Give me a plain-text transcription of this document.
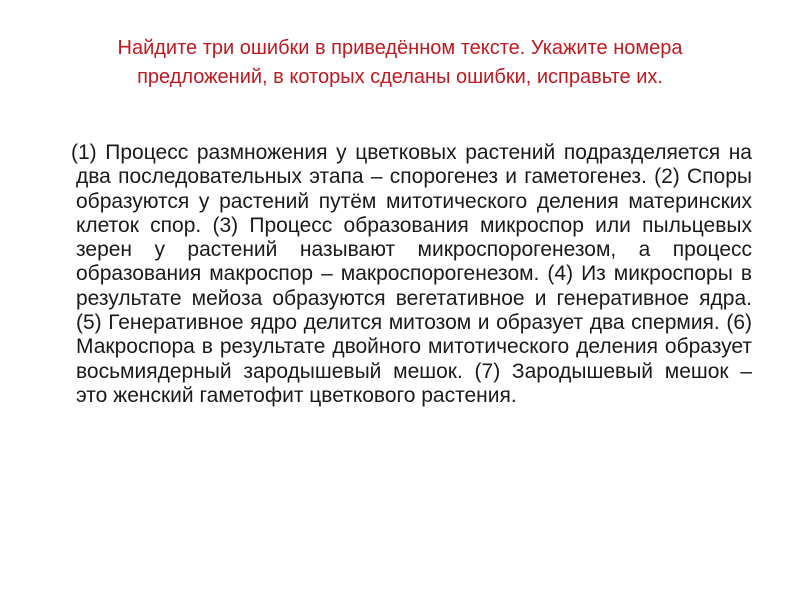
Найдите три ошибки в приведённом тексте. Укажите номера предложений, в которых сделаны ошибки, исправьте их.

(1) Процесс размножения у цветковых растений подразделяется на два последовательных этапа – спорогенез и гаметогенез. (2) Споры образуются у растений путём митотического деления материнских клеток спор. (3) Процесс образования микроспор или пыльцевых зерен у растений называют микроспорогенезом, а процесс образования макроспор – макроспорогенезом. (4) Из микроспоры в результате мейоза образуются вегетативное и генеративное ядра. (5) Генеративное ядро делится митозом и образует два спермия. (6) Макроспора в результате двойного митотического деления образует восьмиядерный зародышевый мешок. (7) Зародышевый мешок – это женский гаметофит цветкового растения.
